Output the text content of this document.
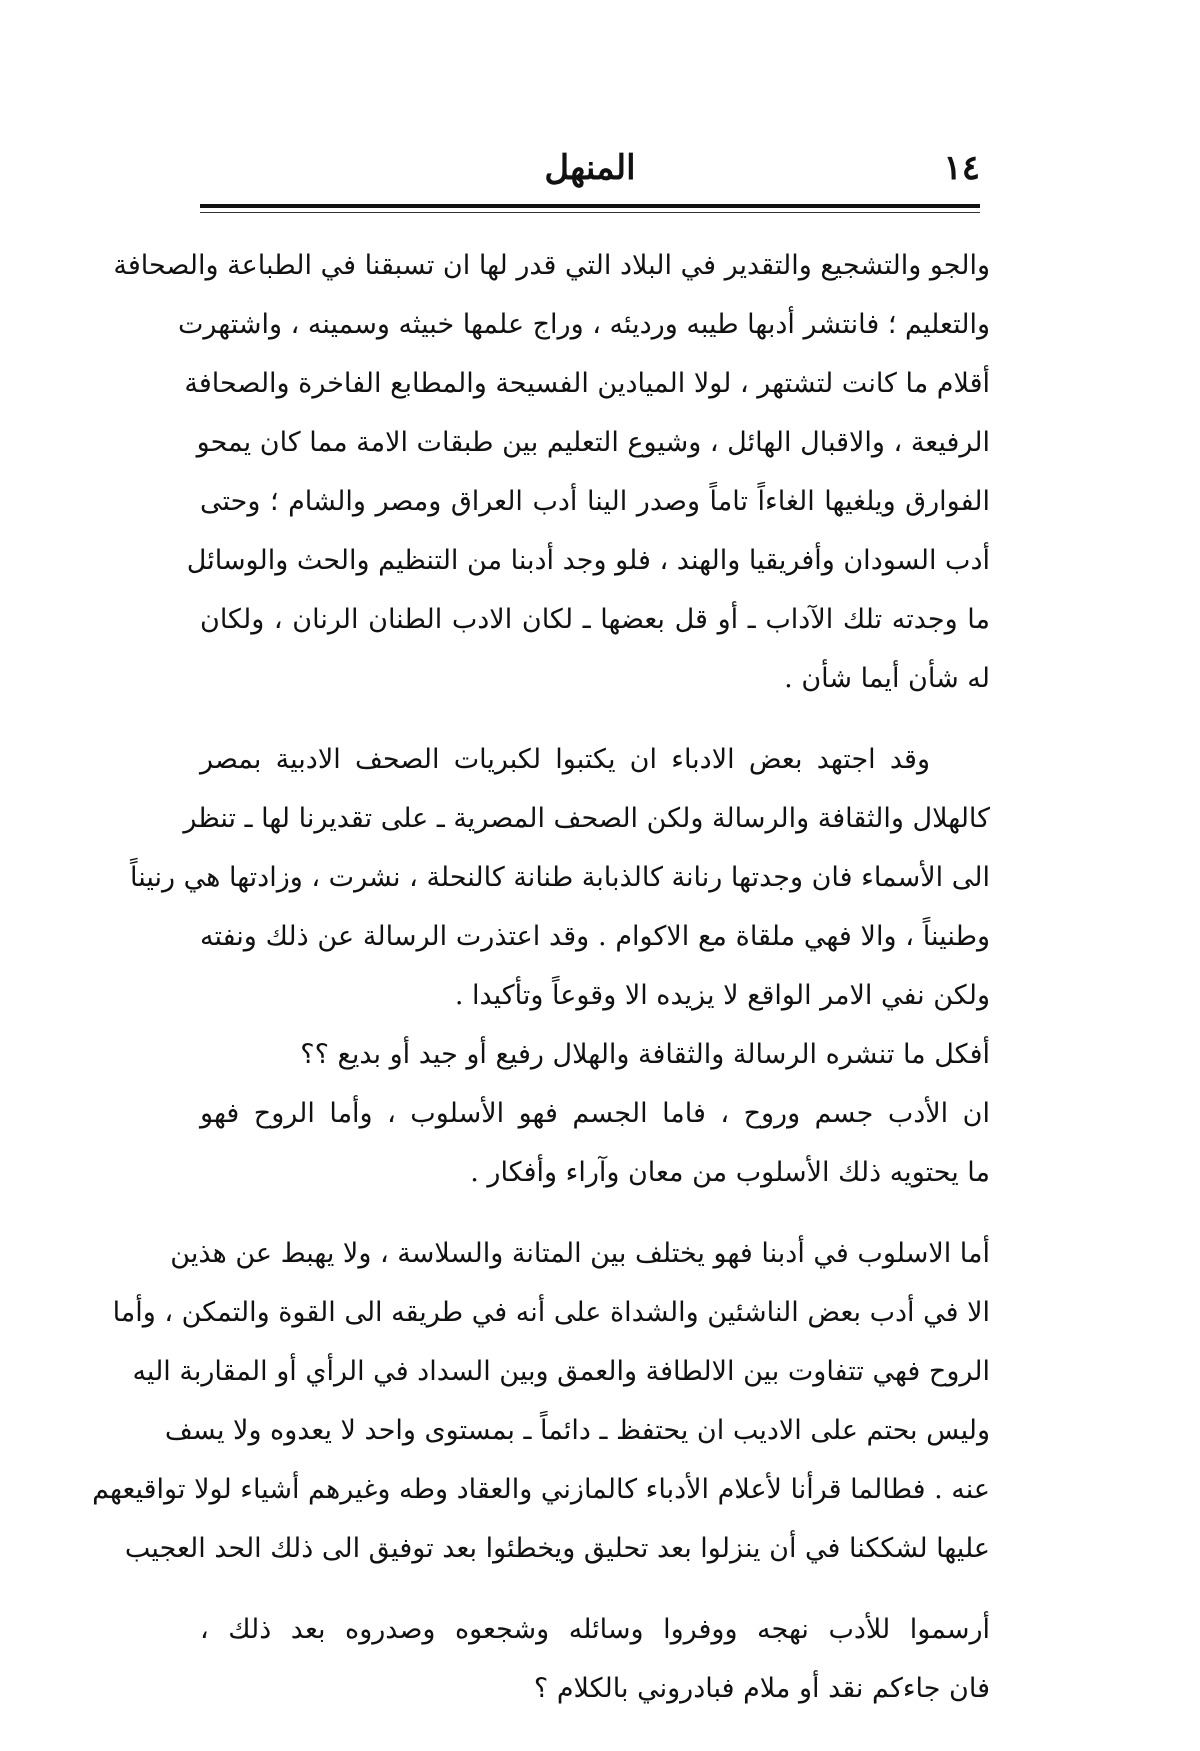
١٤
المنهل
والجو والتشجيع والتقدير في البلاد التي قدر لها ان تسبقنا في الطباعة والصحافة
والتعليم ؛ فانتشر أدبها طيبه ورديئه ، وراج علمها خبيثه وسمينه ، واشتهرت
أقلام ما كانت لتشتهر ، لولا الميادين الفسيحة والمطابع الفاخرة والصحافة
الرفيعة ، والاقبال الهائل ، وشيوع التعليم بين طبقات الامة مما كان يمحو
الفوارق ويلغيها الغاءاً تاماً وصدر الينا أدب العراق ومصر والشام ؛ وحتى
أدب السودان وأفريقيا والهند ، فلو وجد أدبنا من التنظيم والحث والوسائل
ما وجدته تلك الآداب ـ أو قل بعضها ـ لكان الادب الطنان الرنان ، ولكان
له شأن أيما شأن .
وقد اجتهد بعض الادباء ان يكتبوا لكبريات الصحف الادبية بمصر
كالهلال والثقافة والرسالة ولكن الصحف المصرية ـ على تقديرنا لها ـ تنظر
الى الأسماء فان وجدتها رنانة كالذبابة طنانة كالنحلة ، نشرت ، وزادتها هي رنيناً
وطنيناً ، والا فهي ملقاة مع الاكوام . وقد اعتذرت الرسالة عن ذلك ونفته
ولكن نفي الامر الواقع لا يزيده الا وقوعاً وتأكيدا .
أفكل ما تنشره الرسالة والثقافة والهلال رفيع أو جيد أو بديع ؟؟
ان الأدب جسم وروح ، فاما الجسم فهو الأسلوب ، وأما الروح فهو
ما يحتويه ذلك الأسلوب من معان وآراء وأفكار .
أما الاسلوب في أدبنا فهو يختلف بين المتانة والسلاسة ، ولا يهبط عن هذين
الا في أدب بعض الناشئين والشداة على أنه في طريقه الى القوة والتمكن ، وأما
الروح فهي تتفاوت بين الالطافة والعمق وبين السداد في الرأي أو المقاربة اليه
وليس بحتم على الاديب ان يحتفظ ـ دائماً ـ بمستوى واحد لا يعدوه ولا يسف
عنه . فطالما قرأنا لأعلام الأدباء كالمازني والعقاد وطه وغيرهم أشياء لولا تواقيعهم
عليها لشككنا في أن ينزلوا بعد تحليق ويخطئوا بعد توفيق الى ذلك الحد العجيب
أرسموا للأدب نهجه ووفروا وسائله وشجعوه وصدروه بعد ذلك ،
فان جاءكم نقد أو ملام فبادروني بالكلام ؟
